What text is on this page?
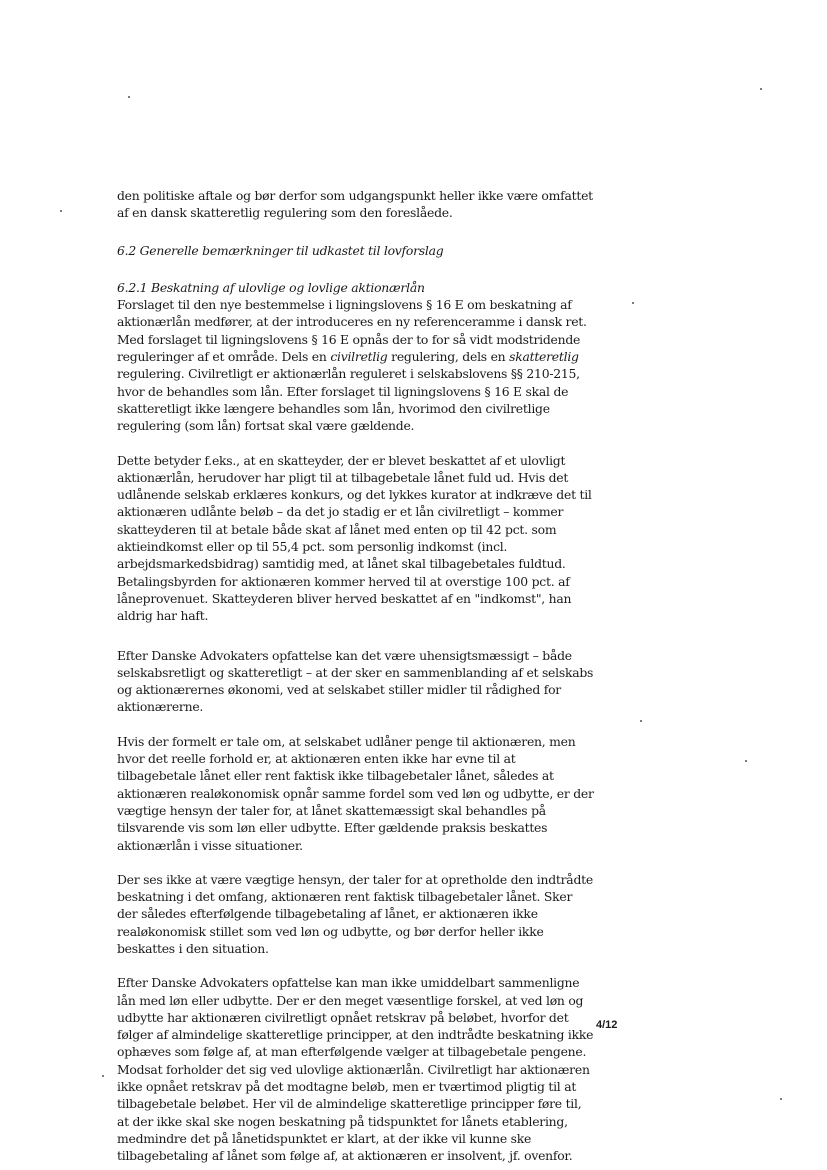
den politiske aftale og bør derfor som udgangspunkt heller ikke være omfattet af en dansk skatteretlig regulering som den foreslåede.

6.2 Generelle bemærkninger til udkastet til lovforslag

6.2.1 Beskatning af ulovlige og lovlige aktionærlån

Forslaget til den nye bestemmelse i ligningslovens § 16 E om beskatning af aktionærlån medfører, at der introduceres en ny referenceramme i dansk ret. Med forslaget til ligningslovens § 16 E opnås der to for så vidt modstridende reguleringer af et område. Dels en civilretlig regulering, dels en skatteretlig regulering. Civilretligt er aktionærlån reguleret i selskabslovens §§ 210-215, hvor de behandles som lån. Efter forslaget til ligningslovens § 16 E skal de skatteretligt ikke længere behandles som lån, hvorimod den civilretlige regulering (som lån) fortsat skal være gældende.

Dette betyder f.eks., at en skatteyder, der er blevet beskattet af et ulovligt aktionærlån, herudover har pligt til at tilbagebetale lånet fuld ud. Hvis det udlånende selskab erklæres konkurs, og det lykkes kurator at indkræve det til aktionæren udlånte beløb – da det jo stadig er et lån civilretligt – kommer skatteyderen til at betale både skat af lånet med enten op til 42 pct. som aktieindkomst eller op til 55,4 pct. som personlig indkomst (incl. arbejdsmarkedsbidrag) samtidig med, at lånet skal tilbagebetales fuldtud. Betalingsbyrden for aktionæren kommer herved til at overstige 100 pct. af låneprovenuet. Skatteyderen bliver herved beskattet af en "indkomst", han aldrig har haft.

Efter Danske Advokaters opfattelse kan det være uhensigtsmæssigt – både selskabsretligt og skatteretligt – at der sker en sammenblanding af et selskabs og aktionærernes økonomi, ved at selskabet stiller midler til rådighed for aktionærerne.

Hvis der formelt er tale om, at selskabet udlåner penge til aktionæren, men hvor det reelle forhold er, at aktionæren enten ikke har evne til at tilbagebetale lånet eller rent faktisk ikke tilbagebetaler lånet, således at aktionæren realøkonomisk opnår samme fordel som ved løn og udbytte, er der vægtige hensyn der taler for, at lånet skattemæssigt skal behandles på tilsvarende vis som løn eller udbytte. Efter gældende praksis beskattes aktionærlån i visse situationer.

Der ses ikke at være vægtige hensyn, der taler for at opretholde den indtrådte beskatning i det omfang, aktionæren rent faktisk tilbagebetaler lånet. Sker der således efterfølgende tilbagebetaling af lånet, er aktionæren ikke realøkonomisk stillet som ved løn og udbytte, og bør derfor heller ikke beskattes i den situation.

Efter Danske Advokaters opfattelse kan man ikke umiddelbart sammenligne lån med løn eller udbytte. Der er den meget væsentlige forskel, at ved løn og udbytte har aktionæren civilretligt opnået retskrav på beløbet, hvorfor det følger af almindelige skatteretlige principper, at den indtrådte beskatning ikke ophæves som følge af, at man efterfølgende vælger at tilbagebetale pengene. Modsat forholder det sig ved ulovlige aktionærlån. Civilretligt har aktionæren ikke opnået retskrav på det modtagne beløb, men er tværtimod pligtig til at tilbagebetale beløbet. Her vil de almindelige skatteretlige principper føre til, at der ikke skal ske nogen beskatning på tidspunktet for lånets etablering, medmindre det på lånetidspunktet er klart, at der ikke vil kunne ske tilbagebetaling af lånet som følge af, at aktionæren er insolvent, jf. ovenfor.

4/12
